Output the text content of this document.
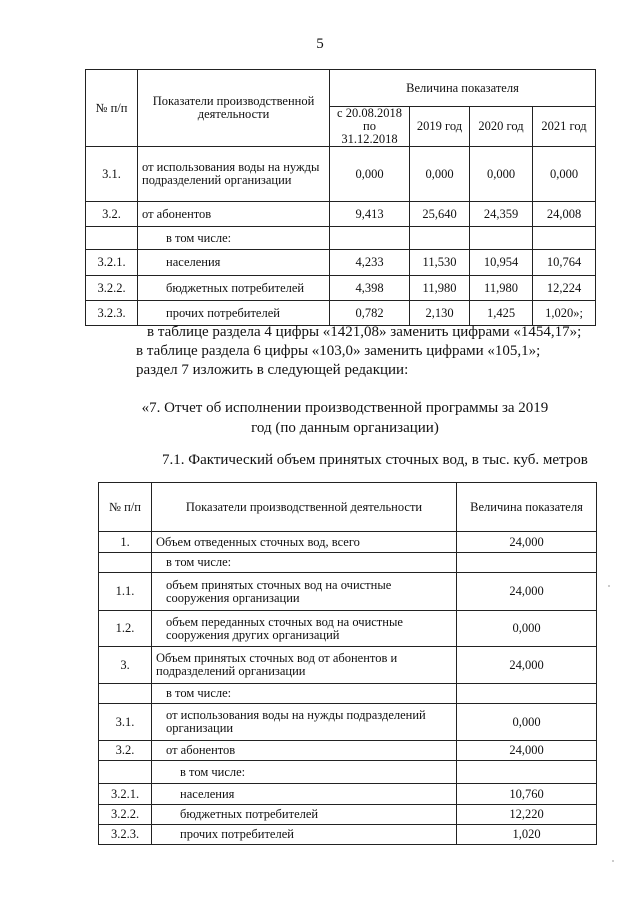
5
№ п/п	Показатели производственной деятельности	Величина показателя			
		с 20.08.2018 по 31.12.2018	2019 год	2020 год	2021 год
3.1.	от использования воды на нужды подразделений организации	0,000	0,000	0,000	0,000
3.2.	от абонентов	9,413	25,640	24,359	24,008
	в том числе:				
3.2.1.	населения	4,233	11,530	10,954	10,764
3.2.2.	бюджетных потребителей	4,398	11,980	11,980	12,224
3.2.3.	прочих потребителей	0,782	2,130	1,425	1,020»;
в таблице раздела 4 цифры «1421,08» заменить цифрами «1454,17»;
в таблице раздела 6 цифры «103,0» заменить цифрами «105,1»;
раздел 7 изложить в следующей редакции:
«7. Отчет об исполнении производственной программы за 2019 год (по данным организации)
7.1. Фактический объем принятых сточных вод, в тыс. куб. метров
№ п/п	Показатели производственной деятельности	Величина показателя
1.	Объем отведенных сточных вод, всего	24,000
	в том числе:	
1.1.	объем принятых сточных вод на очистные сооружения организации	24,000
1.2.	объем переданных сточных вод на очистные сооружения других организаций	0,000
3.	Объем принятых сточных вод от абонентов и подразделений организации	24,000
	в том числе:	
3.1.	от использования воды на нужды подразделений организации	0,000
3.2.	от абонентов	24,000
	в том числе:	
3.2.1.	населения	10,760
3.2.2.	бюджетных потребителей	12,220
3.2.3.	прочих потребителей	1,020
